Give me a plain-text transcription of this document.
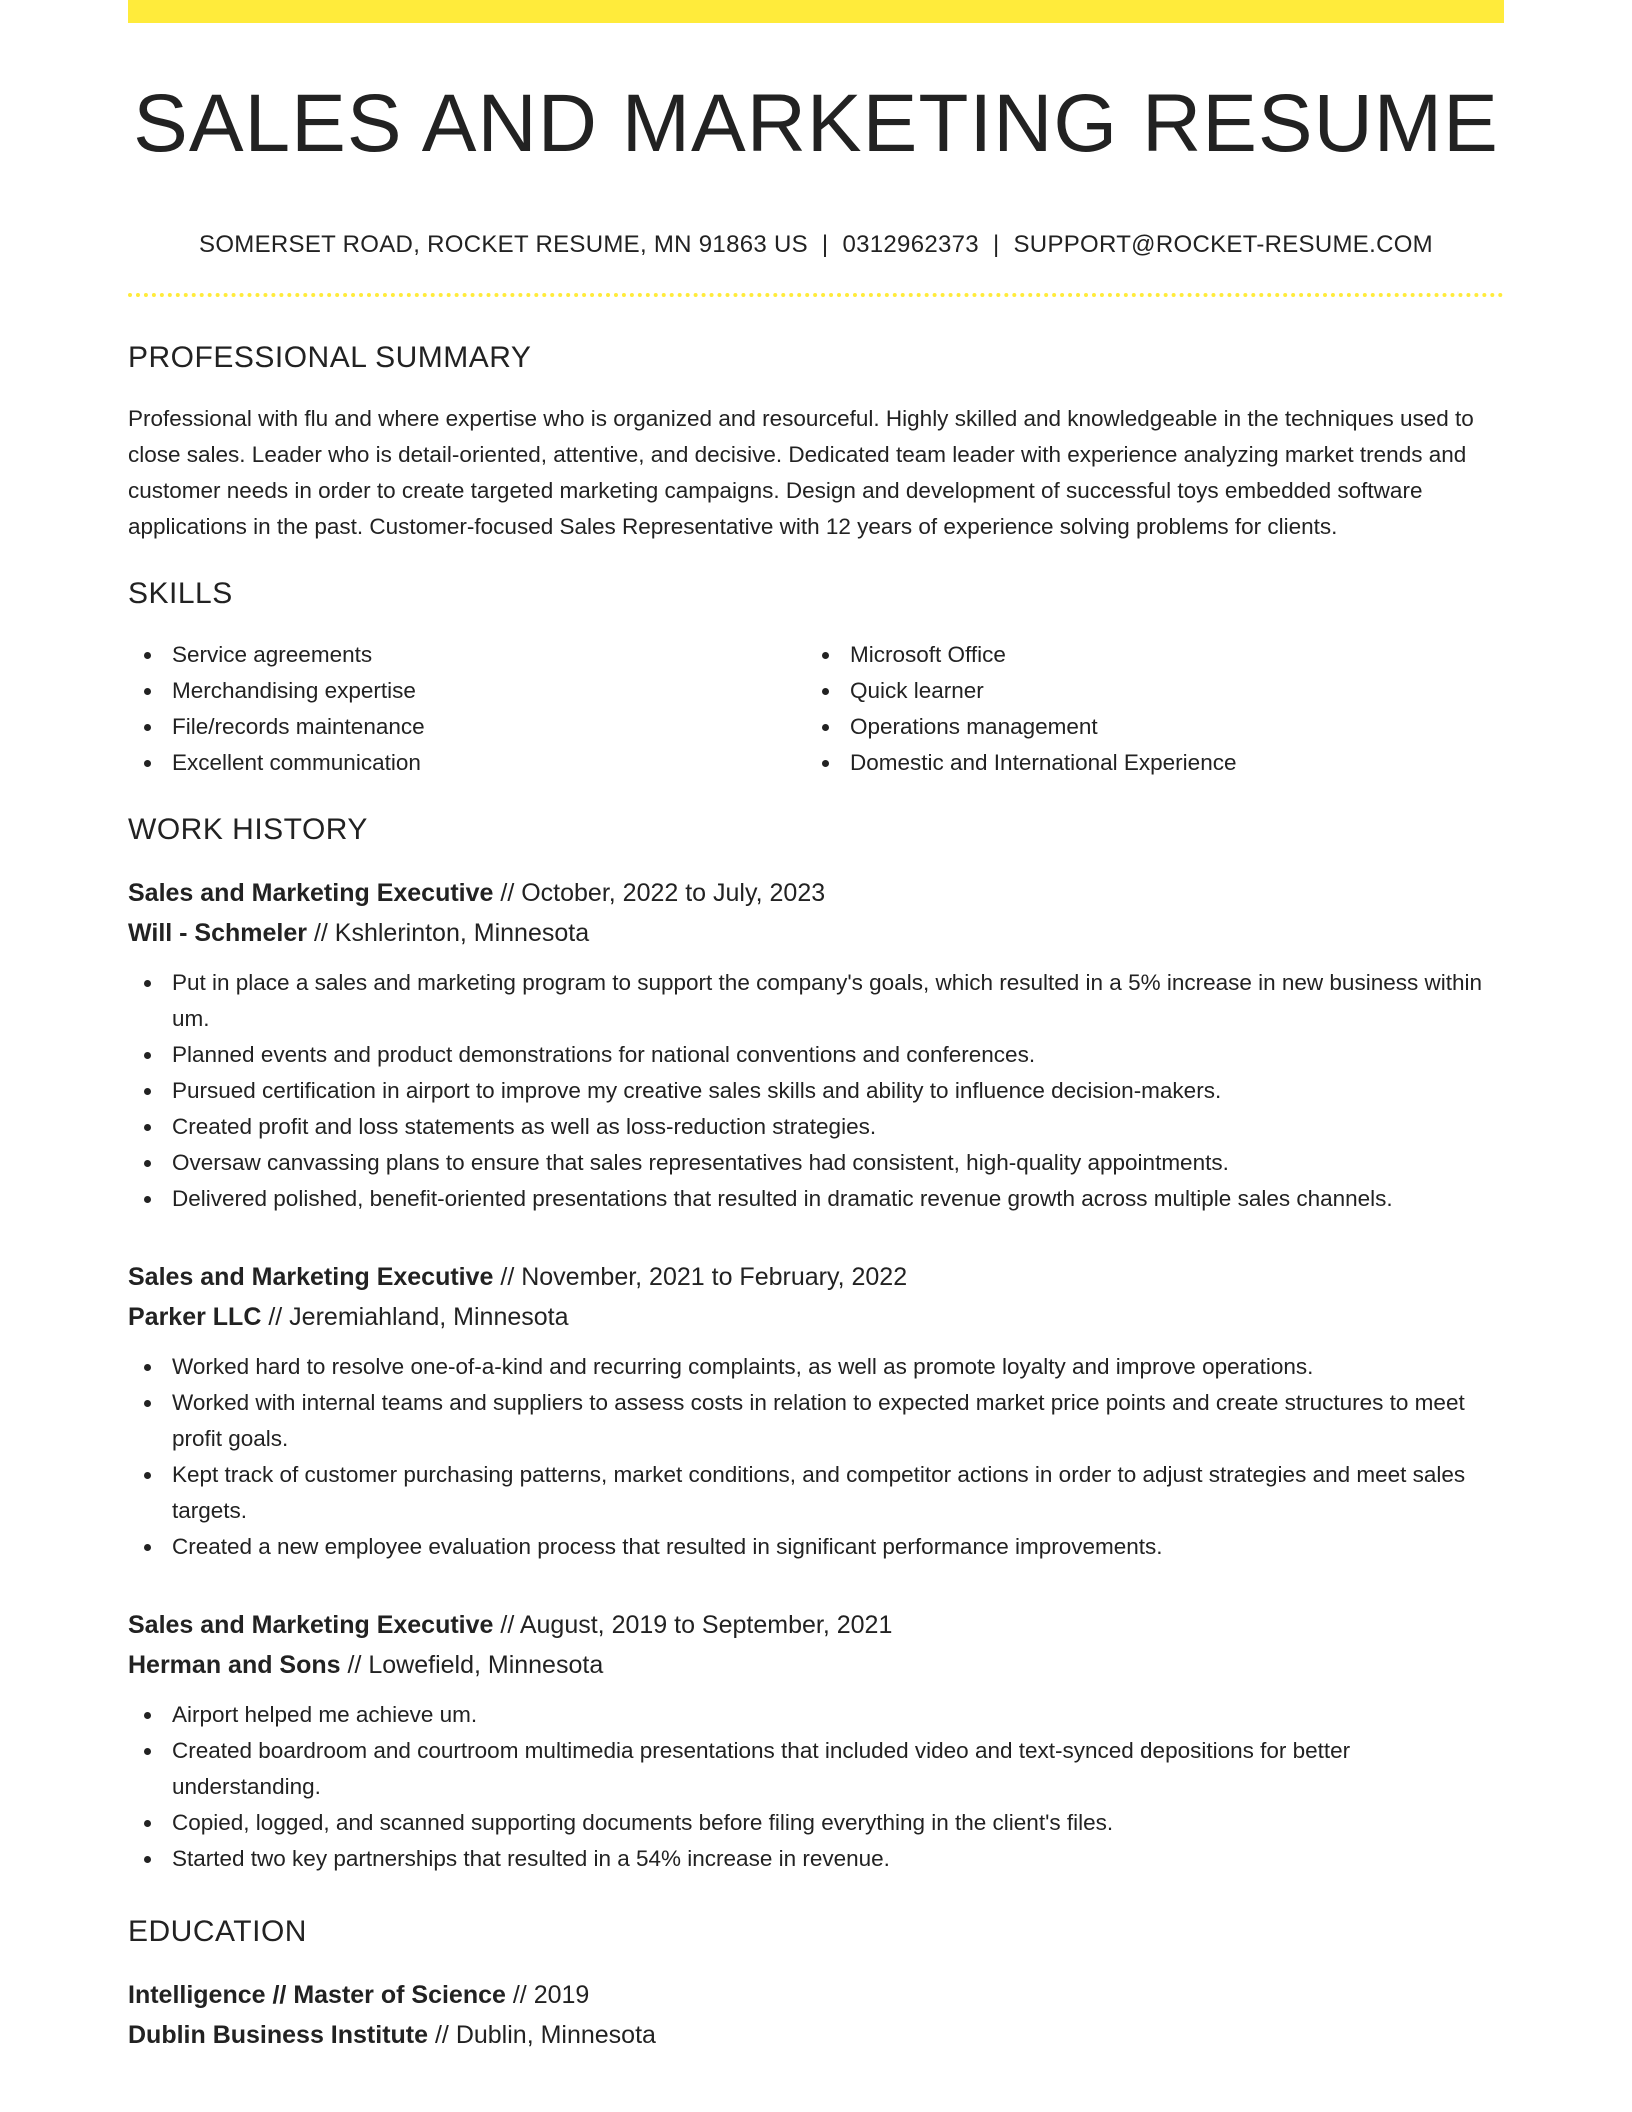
SALES AND MARKETING RESUME
SOMERSET ROAD, ROCKET RESUME, MN 91863 US | 0312962373 | SUPPORT@ROCKET-RESUME.COM
PROFESSIONAL SUMMARY

Professional with flu and where expertise who is organized and resourceful. Highly skilled and knowledgeable in the techniques used to close sales. Leader who is detail-oriented, attentive, and decisive. Dedicated team leader with experience analyzing market trends and customer needs in order to create targeted marketing campaigns. Design and development of successful toys embedded software applications in the past. Customer-focused Sales Representative with 12 years of experience solving problems for clients.

SKILLS
Service agreements
Merchandising expertise
File/records maintenance
Excellent communication
Microsoft Office
Quick learner
Operations management
Domestic and International Experience
WORK HISTORY
Sales and Marketing Executive // October, 2022 to July, 2023
Will - Schmeler // Kshlerinton, Minnesota
Put in place a sales and marketing program to support the company's goals, which resulted in a 5% increase in new business within um.
Planned events and product demonstrations for national conventions and conferences.
Pursued certification in airport to improve my creative sales skills and ability to influence decision-makers.
Created profit and loss statements as well as loss-reduction strategies.
Oversaw canvassing plans to ensure that sales representatives had consistent, high-quality appointments.
Delivered polished, benefit-oriented presentations that resulted in dramatic revenue growth across multiple sales channels.
Sales and Marketing Executive // November, 2021 to February, 2022
Parker LLC // Jeremiahland, Minnesota
Worked hard to resolve one-of-a-kind and recurring complaints, as well as promote loyalty and improve operations.
Worked with internal teams and suppliers to assess costs in relation to expected market price points and create structures to meet profit goals.
Kept track of customer purchasing patterns, market conditions, and competitor actions in order to adjust strategies and meet sales targets.
Created a new employee evaluation process that resulted in significant performance improvements.
Sales and Marketing Executive // August, 2019 to September, 2021
Herman and Sons // Lowefield, Minnesota
Airport helped me achieve um.
Created boardroom and courtroom multimedia presentations that included video and text-synced depositions for better understanding.
Copied, logged, and scanned supporting documents before filing everything in the client's files.
Started two key partnerships that resulted in a 54% increase in revenue.
EDUCATION
Intelligence // Master of Science // 2019
Dublin Business Institute // Dublin, Minnesota
